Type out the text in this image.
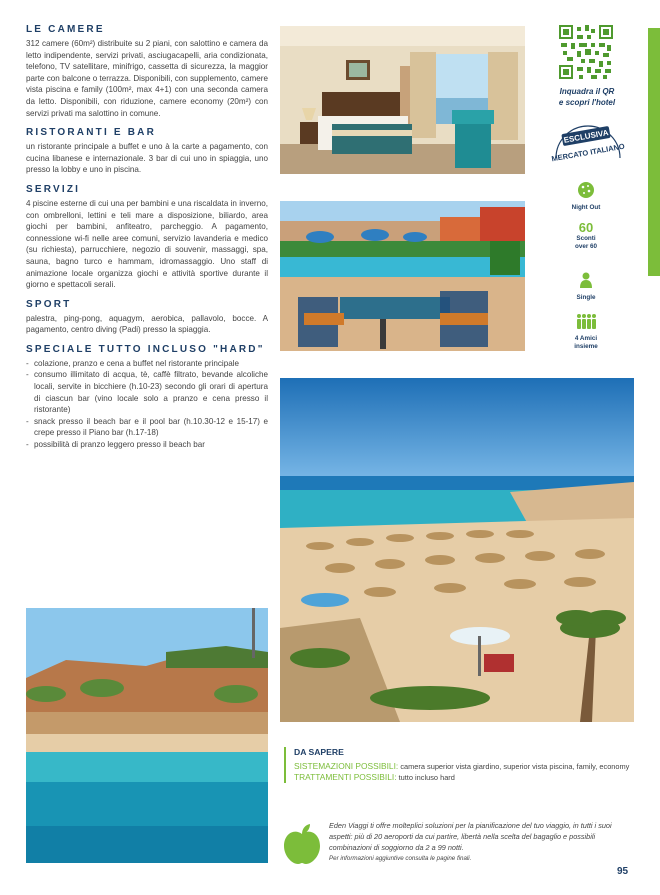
LE CAMERE

312 camere (60m²) distribuite su 2 piani, con salottino e camera da letto indipendente, servizi privati, asciugacapelli, aria condizionata, telefono, TV satellitare, minifrigo, cassetta di sicurezza, la maggior parte con balcone o terrazza. Disponibili, con supplemento, camere vista piscina e family (100m², max 4+1) con una seconda camera da letto. Disponibili, con riduzione, camere economy (20m²) con servizi privati ma salottino in comune.

RISTORANTI E BAR

un ristorante principale a buffet e uno à la carte a pagamento, con cucina libanese e internazionale. 3 bar di cui uno in spiaggia, uno presso la lobby e uno in piscina.

SERVIZI

4 piscine esterne di cui una per bambini e una riscaldata in inverno, con ombrelloni, lettini e teli mare a disposizione, biliardo, area giochi per bambini, anfiteatro, parcheggio. A pagamento, connessione wi-fi nelle aree comuni, servizio lavanderia e medico (su richiesta), parrucchiere, negozio di souvenir, massaggi, spa, sauna, bagno turco e hammam, idromassaggio. Uno staff di animazione locale organizza giochi e attività sportive durante il giorno e spettacoli serali.

SPORT

palestra, ping-pong, aquagym, aerobica, pallavolo, bocce. A pagamento, centro diving (Padi) presso la spiaggia.

SPECIALE TUTTO INCLUSO "HARD"
- colazione, pranzo e cena a buffet nel ristorante principale
- consumo illimitato di acqua, tè, caffè filtrato, bevande alcoliche locali, servite in bicchiere (h.10-23) secondo gli orari di apertura di ciascun bar (vino locale solo a pranzo e cena presso il ristorante)
- snack presso il beach bar e il pool bar (h.10.30-12 e 15-17) e crepe presso il Piano bar (h.17-18)
- possibilità di pranzo leggero presso il beach bar
Inquadra il QR
e scopri l'hotel
ESCLUSIVA
MERCATO ITALIANO
Night Out
60
Sconti
over 60
Single
4 Amici
insieme
DA SAPERE
SISTEMAZIONI POSSIBILI: camera superior vista giardino, superior vista piscina, family, economy
TRATTAMENTI POSSIBILI: tutto incluso hard
Eden Viaggi ti offre molteplici soluzioni per la pianificazione del tuo viaggio, in tutti i suoi aspetti: più di 20 aeroporti da cui partire, libertà nella scelta del bagaglio e possibili combinazioni di soggiorno da 2 a 99 notti.
Per informazioni aggiuntive consulta le pagine finali.
95
